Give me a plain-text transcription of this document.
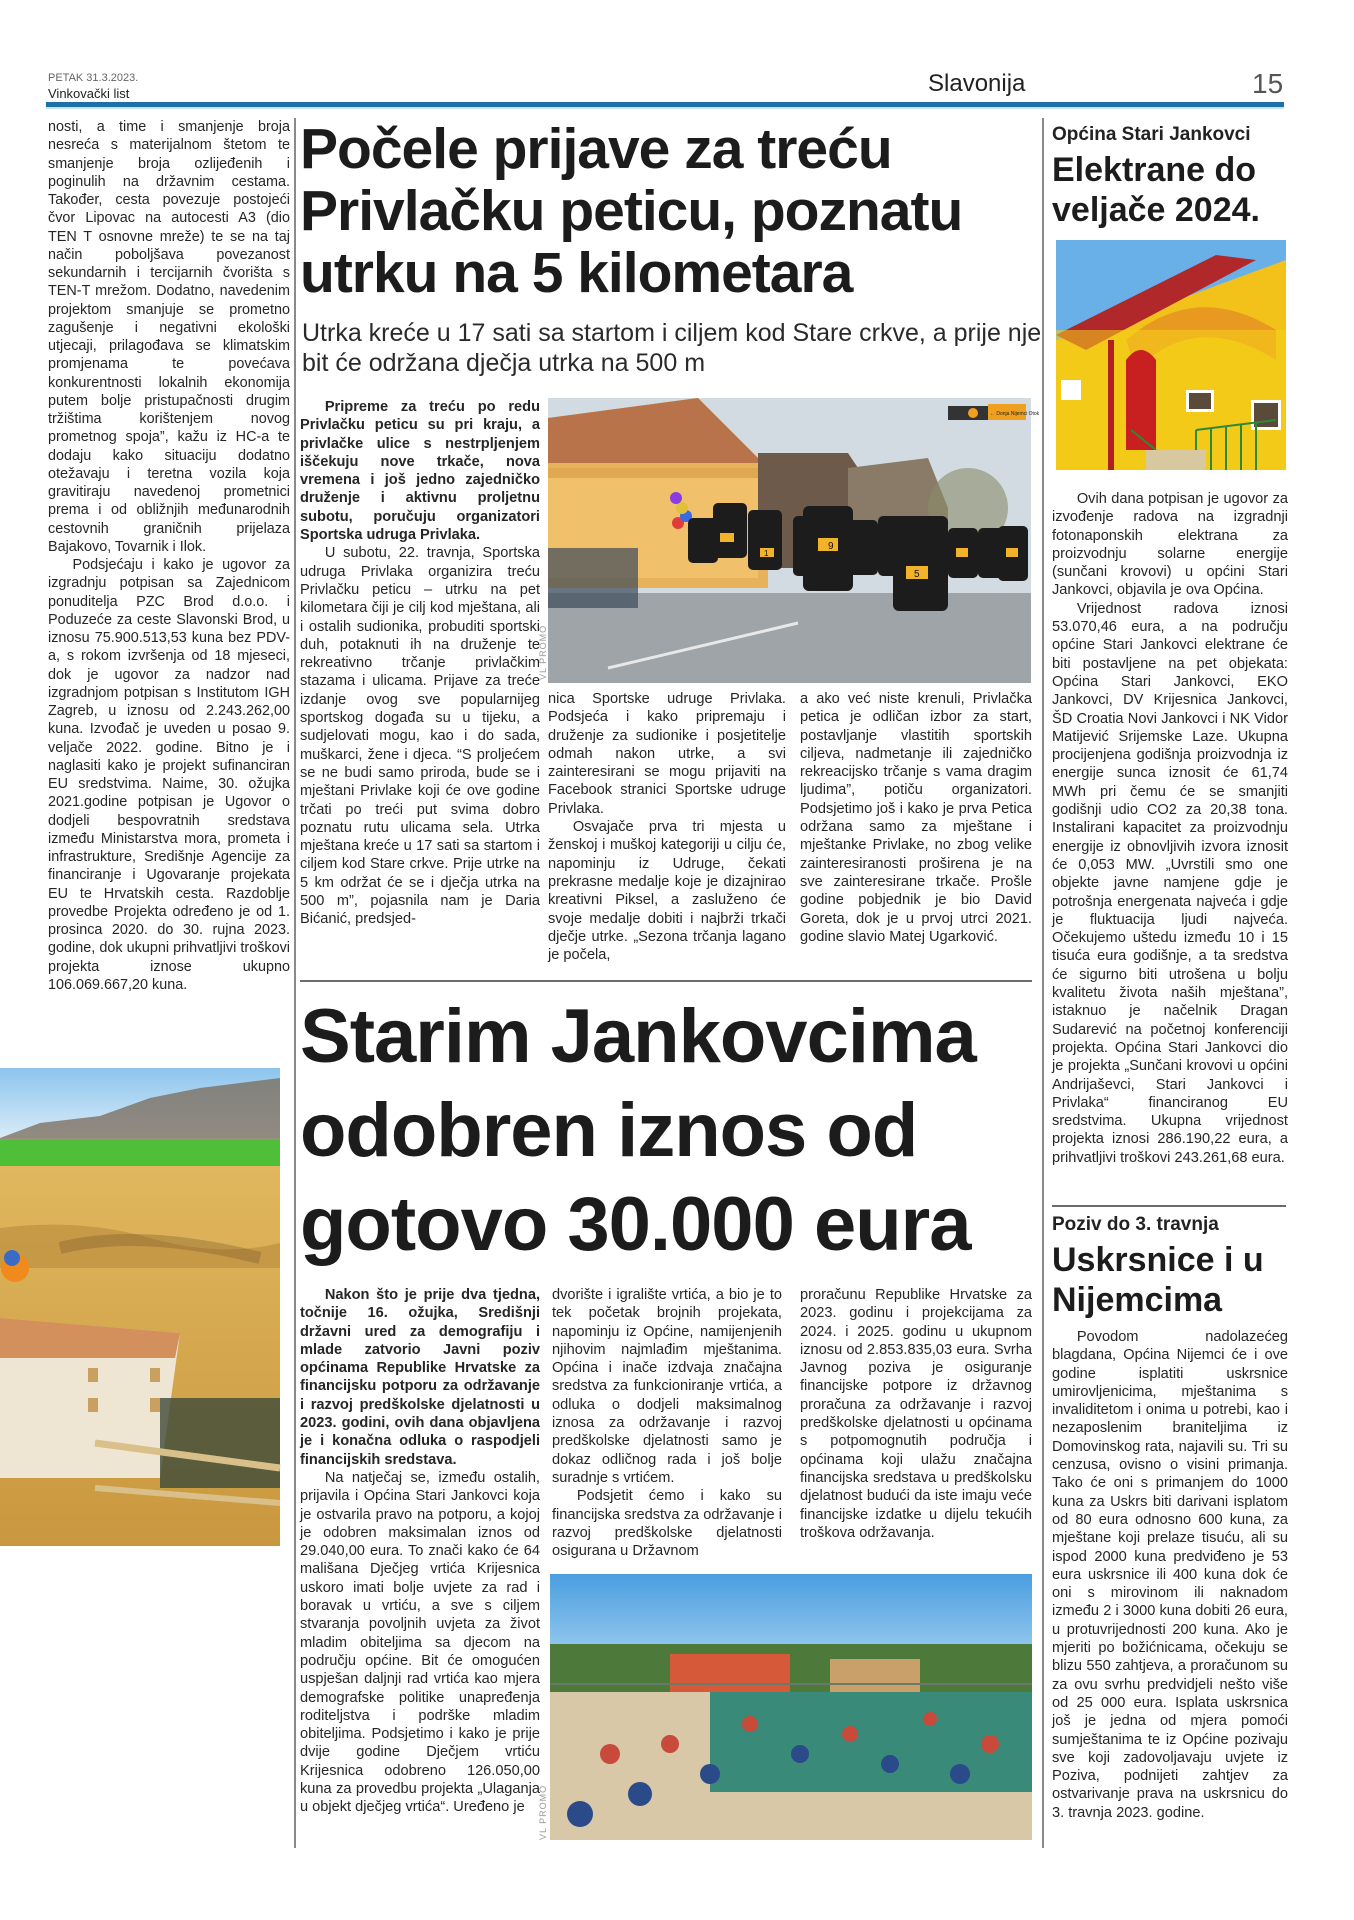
PETAK 31.3.2023.
Vinkovački list	Slavonija	15

nosti, a time i smanjenje broja nesreća s materijalnom štetom te smanjenje broja ozlijeđenih i poginulih na državnim cestama. Također, cesta povezuje postojeći čvor Lipovac na autocesti A3 (dio TEN T osnovne mreže) te se na taj način poboljšava povezanost sekundarnih i tercijarnih čvorišta s TEN-T mrežom. Dodatno, navedenim projektom smanjuje se prometno zagušenje i negativni ekološki utjecaji, prilagođava se klimatskim promjenama te povećava konkurentnosti lokalnih ekonomija putem bolje pristupačnosti drugim tržištima korištenjem novog prometnog spoja”, kažu iz HC-a te dodaju kako situaciju dodatno otežavaju i teretna vozila koja gravitiraju navedenoj prometnici prema i od obližnjih međunarodnih cestovnih graničnih prijelaza Bajakovo, Tovarnik i Ilok.

Podsjećaju i kako je ugovor za izgradnju potpisan sa Zajednicom ponuditelja PZC Brod d.o.o. i Poduzeće za ceste Slavonski Brod, u iznosu 75.900.513,53 kuna bez PDV-a, s rokom izvršenja od 18 mjeseci, dok je ugovor za nadzor nad izgradnjom potpisan s Institutom IGH Zagreb, u iznosu od 2.243.262,00 kuna. Izvođač je uveden u posao 9. veljače 2022. godine. Bitno je i naglasiti kako je projekt sufinanciran EU sredstvima. Naime, 30. ožujka 2021.godine potpisan je Ugovor o dodjeli bespovratnih sredstava između Ministarstva mora, prometa i infrastrukture, Središnje Agencije za financiranje i Ugovaranje projekata EU te Hrvatskih cesta. Razdoblje provedbe Projekta određeno je od 1. prosinca 2020. do 30. rujna 2023. godine, dok ukupni prihvatljivi troškovi projekta iznose ukupno 106.069.667,20 kuna.

Počele prijave za treću Privlačku peticu, poznatu utrku na 5 kilometara
Utrka kreće u 17 sati sa startom i ciljem kod Stare crkve, a prije nje bit će održana dječja utrka na 500 m

Pripreme za treću po redu Privlačku peticu su pri kraju, a privlačke ulice s nestrpljenjem iščekuju nove trkače, nova vremena i još jedno zajedničko druženje i aktivnu proljetnu subotu, poručuju organizatori Sportska udruga Privlaka.

U subotu, 22. travnja, Sportska udruga Privlaka organizira treću Privlačku peticu – utrku na pet kilometara čiji je cilj kod mještana, ali i ostalih sudionika, probuditi sportski duh, potaknuti ih na druženje te rekreativno trčanje privlačkim stazama i ulicama. Prijave za treće izdanje ovog sve popularnijeg sportskog događa su u tijeku, a sudjelovati mogu, kao i do sada, muškarci, žene i djeca. “S proljećem se ne budi samo priroda, bude se i mještani Privlake koji će ove godine trčati po treći put svima dobro poznatu rutu ulicama sela. Utrka mještana kreće u 17 sati sa startom i ciljem kod Stare crkve. Prije utrke na 5 km održat će se i dječja utrka na 500 m”, pojasnila nam je Daria Bićanić, predsjed-

9
5
1
← Donja Nijemci Otok
VL PROMO

nica Sportske udruge Privlaka. Podsjeća i kako pripremaju i druženje za sudionike i posjetitelje odmah nakon utrke, a svi zainteresirani se mogu prijaviti na Facebook stranici Sportske udruge Privlaka.

Osvajače prva tri mjesta u ženskoj i muškoj kategoriji u cilju će, napominju iz Udruge, čekati prekrasne medalje koje je dizajnirao kreativni Piksel, a zasluženo će svoje medalje dobiti i najbrži trkači dječje utrke. „Sezona trčanja lagano je počela,

a ako već niste krenuli, Privlačka petica je odličan izbor za start, postavljanje vlastitih sportskih ciljeva, nadmetanje ili zajedničko rekreacijsko trčanje s vama dragim ljudima”, potiču organizatori. Podsjetimo još i kako je prva Petica održana samo za mještane i mještanke Privlake, no zbog velike zainteresiranosti proširena je na sve zainteresirane trkače. Prošle godine pobjednik je bio David Goreta, dok je u prvoj utrci 2021. godine slavio Matej Ugarković.

Starim Jankovcima odobren iznos od gotovo 30.000 eura

Nakon što je prije dva tjedna, točnije 16. ožujka, Središnji državni ured za demografiju i mlade zatvorio Javni poziv općinama Republike Hrvatske za financijsku potporu za održavanje i razvoj predškolske djelatnosti u 2023. godini, ovih dana objavljena je i konačna odluka o raspodjeli financijskih sredstava.

Na natječaj se, između ostalih, prijavila i Općina Stari Jankovci koja je ostvarila pravo na potporu, a kojoj je odobren maksimalan iznos od 29.040,00 eura. To znači kako će 64 mališana Dječjeg vrtića Krijesnica uskoro imati bolje uvjete za rad i boravak u vrtiću, a sve s ciljem stvaranja povoljnih uvjeta za život mladim obiteljima sa djecom na području općine. Bit će omogućen uspješan daljnji rad vrtića kao mjera demografske politike unapređenja roditeljstva i podrške mladim obiteljima. Podsjetimo i kako je prije dvije godine Dječjem vrtiću Krijesnica odobreno 126.050,00 kuna za provedbu projekta „Ulaganja u objekt dječjeg vrtića“. Uređeno je

dvorište i igralište vrtića, a bio je to tek početak brojnih projekata, napominju iz Općine, namijenjenih njihovim najmlađim mještanima. Općina i inače izdvaja značajna sredstva za funkcioniranje vrtića, a odluka o dodjeli maksimalnog iznosa za održavanje i razvoj predškolske djelatnosti samo je dokaz odličnog rada i još bolje suradnje s vrtićem.

Podsjetit ćemo i kako su financijska sredstva za održavanje i razvoj predškolske djelatnosti osigurana u Državnom

proračunu Republike Hrvatske za 2023. godinu i projekcijama za 2024. i 2025. godinu u ukupnom iznosu od 2.853.835,03 eura. Svrha Javnog poziva je osiguranje financijske potpore iz državnog proračuna za održavanje i razvoj predškolske djelatnosti u općinama s potpomognutih područja i općinama koji ulažu značajna financijska sredstava u predškolsku djelatnost budući da iste imaju veće financijske izdatke u dijelu tekućih troškova održavanja.

VL PROMO
Općina Stari Jankovci
Elektrane do veljače 2024.

Ovih dana potpisan je ugovor za izvođenje radova na izgradnji fotonaponskih elektrana za proizvodnju solarne energije (sunčani krovovi) u općini Stari Jankovci, objavila je ova Općina.

Vrijednost radova iznosi 53.070,46 eura, a na području općine Stari Jankovci elektrane će biti postavljene na pet objekata: Općina Stari Jankovci, EKO Jankovci, DV Krijesnica Jankovci, ŠD Croatia Novi Jankovci i NK Vidor Matijević Srijemske Laze. Ukupna procijenjena godišnja proizvodnja iz energije sunca iznosit će 61,74 MWh pri čemu će se smanjiti godišnji udio CO2 za 20,38 tona. Instalirani kapacitet za proizvodnju energije iz obnovljivih izvora iznosit će 0,053 MW. „Uvrstili smo one objekte javne namjene gdje je potrošnja energenata najveća i gdje je fluktuacija ljudi najveća. Očekujemo uštedu između 10 i 15 tisuća eura godišnje, a ta sredstva će sigurno biti utrošena u bolju kvalitetu života naših mještana”, istaknuo je načelnik Dragan Sudarević na početnoj konferenciji projekta. Općina Stari Jankovci dio je projekta „Sunčani krovovi u općini Andrijaševci, Stari Jankovci i Privlaka“ financiranog EU sredstvima. Ukupna vrijednost projekta iznosi 286.190,22 eura, a prihvatljivi troškovi 243.261,68 eura.

Poziv do 3. travnja
Uskrsnice i u Nijemcima

Povodom nadolazećeg blagdana, Općina Nijemci će i ove godine isplatiti uskrsnice umirovljenicima, mještanima s invaliditetom i onima u potrebi, kao i nezaposlenim braniteljima iz Domovinskog rata, najavili su. Tri su cenzusa, ovisno o visini primanja. Tako će oni s primanjem do 1000 kuna za Uskrs biti darivani isplatom od 80 eura odnosno 600 kuna, za mještane koji prelaze tisuću, ali su ispod 2000 kuna predviđeno je 53 eura uskrsnice ili 400 kuna dok će oni s mirovinom ili naknadom između 2 i 3000 kuna dobiti 26 eura, u protuvrijednosti 200 kuna. Ako je mjeriti po božićnicama, očekuju se blizu 550 zahtjeva, a proračunom su za ovu svrhu predvidjeli nešto više od 25 000 eura. Isplata uskrsnica još je jedna od mjera pomoći sumještanima te iz Općine pozivaju sve koji zadovoljavaju uvjete iz Poziva, podnijeti zahtjev za ostvarivanje prava na uskrsnicu do 3. travnja 2023. godine.
